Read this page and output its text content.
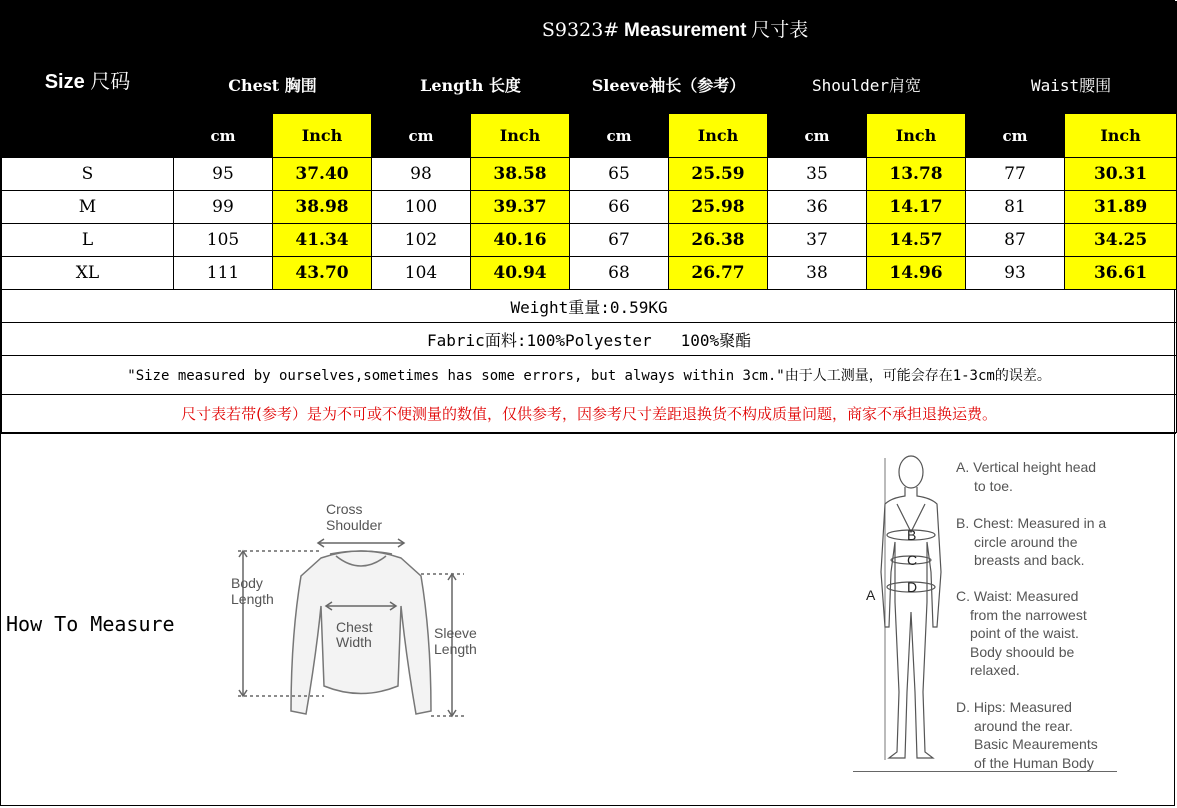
Size 尺码	S9323# Measurement 尺寸表									
	Chest 胸围		Length 长度		Sleeve袖长（参考）		Shoulder肩宽		Waist腰围	
	cm	Inch	cm	Inch	cm	Inch	cm	Inch	cm	Inch
S	95	37.40	98	38.58	65	25.59	35	13.78	77	30.31
M	99	38.98	100	39.37	66	25.98	36	14.17	81	31.89
L	105	41.34	102	40.16	67	26.38	37	14.57	87	34.25
XL	111	43.70	104	40.94	68	26.77	38	14.96	93	36.61
Weight重量:0.59KG										
Fabric面料:100%Polyester   100%聚酯										
"Size measured by ourselves,sometimes has some errors, but always within 3cm."由于人工测量，可能会存在1-3cm的误差。										
尺寸表若带(参考）是为不可或不便测量的数值，仅供参考，因参考尺寸差距退换货不构成质量问题，商家不承担退换运费。										
How To Measure
Cross
Shoulder
Body
Length
Chest
Width
Sleeve
Length
A
B
C
D
A. Vertical height head
to toe.
B. Chest: Measured in a
circle around the
breasts and back.
C. Waist: Measured
from the narrowest
point of the waist.
Body shoould be
relaxed.
D. Hips: Measured
around the rear.
Basic Meaurements
of the Human Body
